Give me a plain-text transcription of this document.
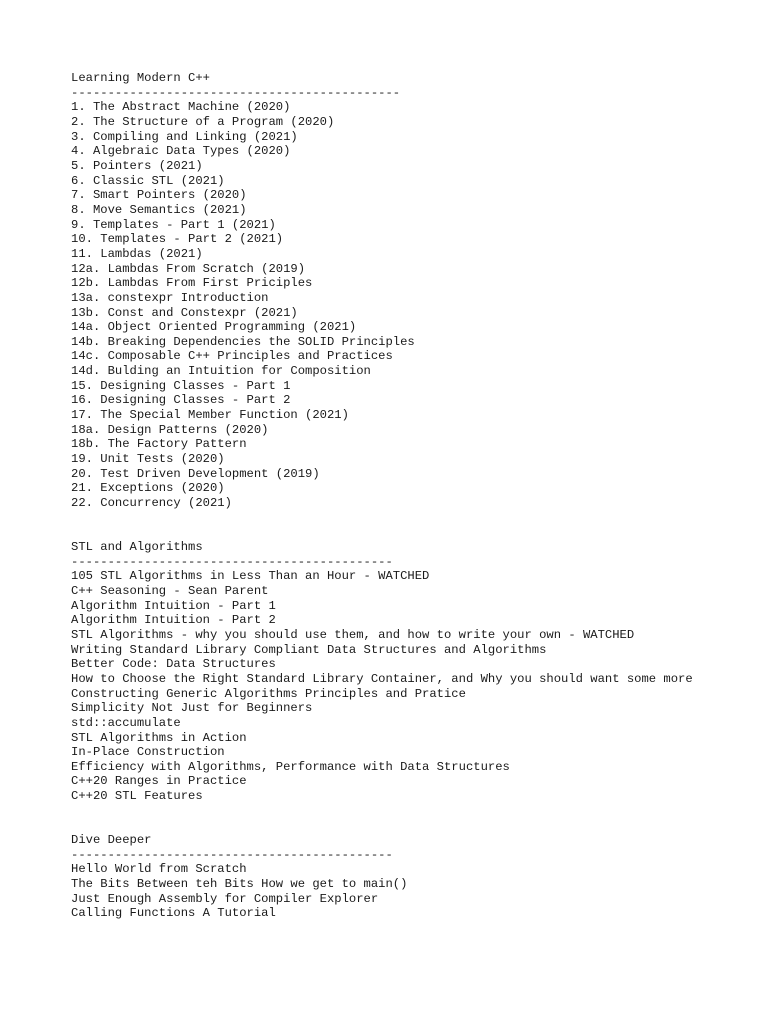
Learning Modern C++
---------------------------------------------
1. The Abstract Machine (2020)
2. The Structure of a Program (2020)
3. Compiling and Linking (2021)
4. Algebraic Data Types (2020)
5. Pointers (2021)
6. Classic STL (2021)
7. Smart Pointers (2020)
8. Move Semantics (2021)
9. Templates - Part 1 (2021)
10. Templates - Part 2 (2021)
11. Lambdas (2021)
12a. Lambdas From Scratch (2019)
12b. Lambdas From First Priciples
13a. constexpr Introduction
13b. Const and Constexpr (2021)
14a. Object Oriented Programming (2021)
14b. Breaking Dependencies the SOLID Principles
14c. Composable C++ Principles and Practices
14d. Bulding an Intuition for Composition
15. Designing Classes - Part 1
16. Designing Classes - Part 2
17. The Special Member Function (2021)
18a. Design Patterns (2020)
18b. The Factory Pattern
19. Unit Tests (2020)
20. Test Driven Development (2019)
21. Exceptions (2020)
22. Concurrency (2021)
STL and Algorithms
--------------------------------------------
105 STL Algorithms in Less Than an Hour - WATCHED
C++ Seasoning - Sean Parent
Algorithm Intuition - Part 1
Algorithm Intuition - Part 2
STL Algorithms - why you should use them, and how to write your own - WATCHED
Writing Standard Library Compliant Data Structures and Algorithms
Better Code: Data Structures
How to Choose the Right Standard Library Container, and Why you should want some more
Constructing Generic Algorithms Principles and Pratice
Simplicity Not Just for Beginners
std::accumulate
STL Algorithms in Action
In-Place Construction
Efficiency with Algorithms, Performance with Data Structures
C++20 Ranges in Practice
C++20 STL Features
Dive Deeper
--------------------------------------------
Hello World from Scratch
The Bits Between teh Bits How we get to main()
Just Enough Assembly for Compiler Explorer
Calling Functions A Tutorial
